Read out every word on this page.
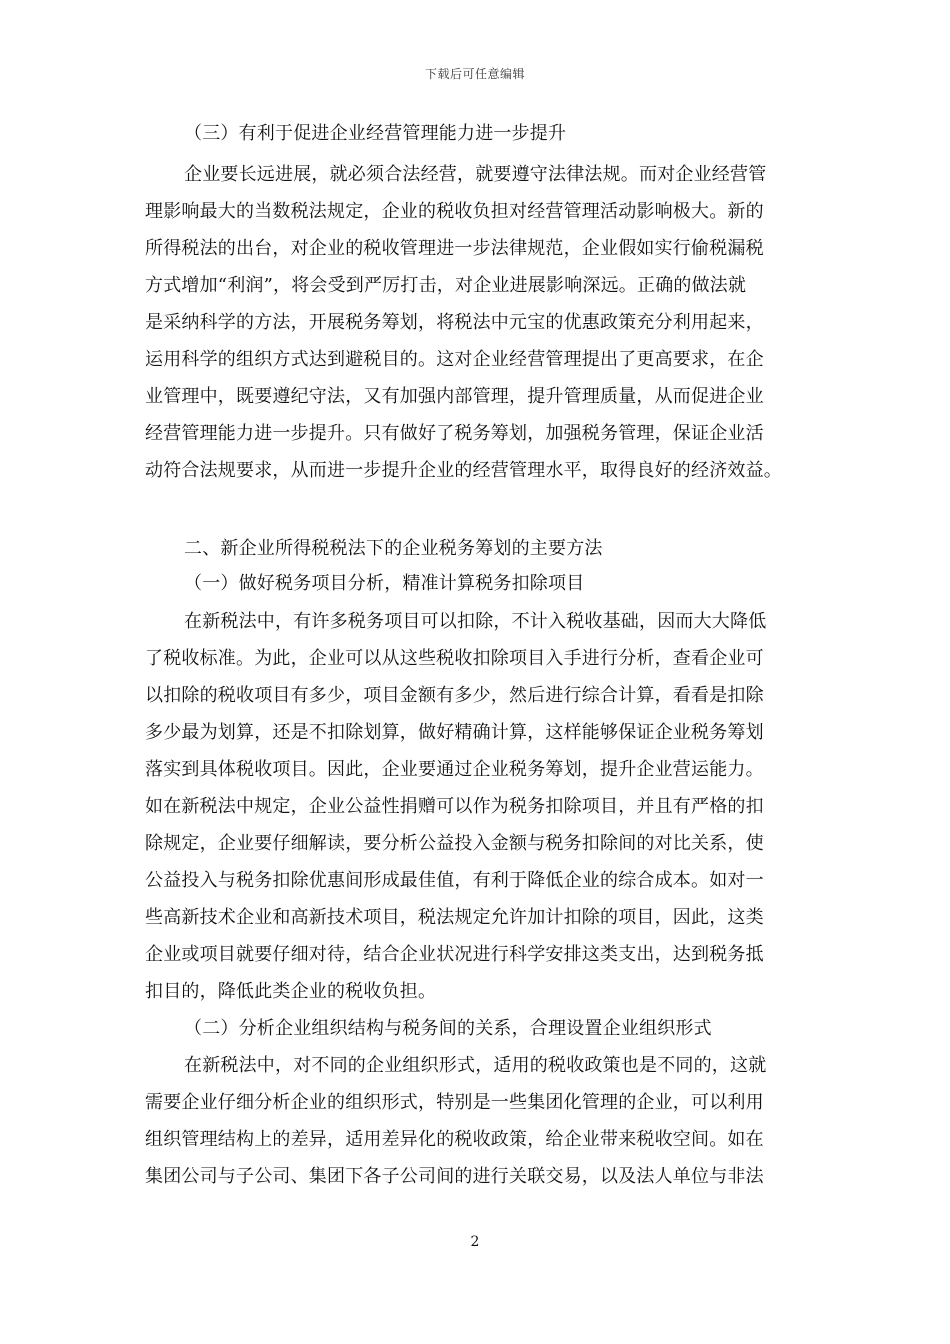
下载后可任意编辑
（三）有利于促进企业经营管理能力进一步提升
企业要长远进展，就必须合法经营，就要遵守法律法规。而对企业经营管
理影响最大的当数税法规定，企业的税收负担对经营管理活动影响极大。新的
所得税法的出台，对企业的税收管理进一步法律规范，企业假如实行偷税漏税
方式增加“利润”，将会受到严厉打击，对企业进展影响深远。正确的做法就
是采纳科学的方法，开展税务筹划，将税法中元宝的优惠政策充分利用起来，
运用科学的组织方式达到避税目的。这对企业经营管理提出了更高要求，在企
业管理中，既要遵纪守法，又有加强内部管理，提升管理质量，从而促进企业
经营管理能力进一步提升。只有做好了税务筹划，加强税务管理，保证企业活
动符合法规要求，从而进一步提升企业的经营管理水平，取得良好的经济效益。
二、新企业所得税税法下的企业税务筹划的主要方法
（一）做好税务项目分析，精准计算税务扣除项目
在新税法中，有许多税务项目可以扣除，不计入税收基础，因而大大降低
了税收标准。为此，企业可以从这些税收扣除项目入手进行分析，查看企业可
以扣除的税收项目有多少，项目金额有多少，然后进行综合计算，看看是扣除
多少最为划算，还是不扣除划算，做好精确计算，这样能够保证企业税务筹划
落实到具体税收项目。因此，企业要通过企业税务筹划，提升企业营运能力。
如在新税法中规定，企业公益性捐赠可以作为税务扣除项目，并且有严格的扣
除规定，企业要仔细解读，要分析公益投入金额与税务扣除间的对比关系，使
公益投入与税务扣除优惠间形成最佳值，有利于降低企业的综合成本。如对一
些高新技术企业和高新技术项目，税法规定允许加计扣除的项目，因此，这类
企业或项目就要仔细对待，结合企业状况进行科学安排这类支出，达到税务抵
扣目的，降低此类企业的税收负担。
（二）分析企业组织结构与税务间的关系，合理设置企业组织形式
在新税法中，对不同的企业组织形式，适用的税收政策也是不同的，这就
需要企业仔细分析企业的组织形式，特别是一些集团化管理的企业，可以利用
组织管理结构上的差异，适用差异化的税收政策，给企业带来税收空间。如在
集团公司与子公司、集团下各子公司间的进行关联交易，以及法人单位与非法
2
